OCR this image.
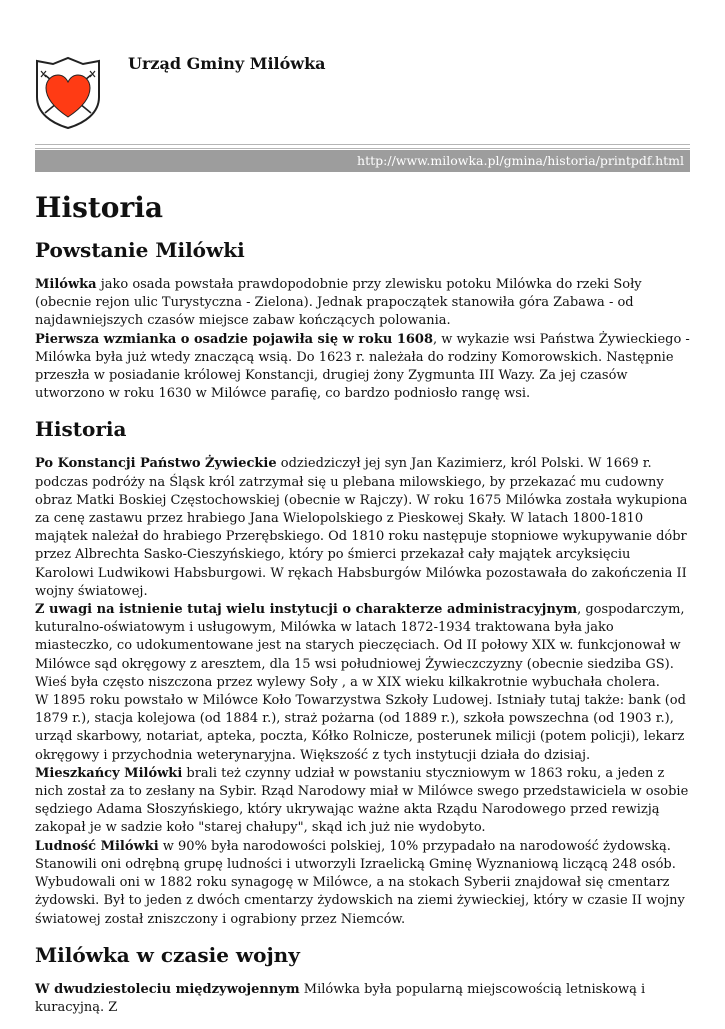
Urząd Gminy Milówka
http://www.milowka.pl/gmina/historia/printpdf.html
Historia
Powstanie Milówki

Milówka jako osada powstała prawdopodobnie przy zlewisku potoku Milówka do rzeki Soły (obecnie rejon ulic Turystyczna - Zielona). Jednak prapoczątek stanowiła góra Zabawa - od najdawniejszych czasów miejsce zabaw kończących polowania.

Pierwsza wzmianka o osadzie pojawiła się w roku 1608, w wykazie wsi Państwa Żywieckiego - Milówka była już wtedy znaczącą wsią. Do 1623 r. należała do rodziny Komorowskich. Następnie przeszła w posiadanie królowej Konstancji, drugiej żony Zygmunta III Wazy. Za jej czasów utworzono w roku 1630 w Milówce parafię, co bardzo podniosło rangę wsi.

Historia

Po Konstancji Państwo Żywieckie odziedziczył jej syn Jan Kazimierz, król Polski. W 1669 r. podczas podróży na Śląsk król zatrzymał się u plebana milowskiego, by przekazać mu cudowny obraz Matki Boskiej Częstochowskiej (obecnie w Rajczy). W roku 1675 Milówka została wykupiona za cenę zastawu przez hrabiego Jana Wielopolskiego z Pieskowej Skały. W latach 1800-1810 majątek należał do hrabiego Przerębskiego. Od 1810 roku następuje stopniowe wykupywanie dóbr przez Albrechta Sasko-Cieszyńskiego, który po śmierci przekazał cały majątek arcyksięciu Karolowi Ludwikowi Habsburgowi. W rękach Habsburgów Milówka pozostawała do zakończenia II wojny światowej.

Z uwagi na istnienie tutaj wielu instytucji o charakterze administracyjnym, gospodarczym, kuturalno-oświatowym i usługowym, Milówka w latach 1872-1934 traktowana była jako miasteczko, co udokumentowane jest na starych pieczęciach. Od II połowy XIX w. funkcjonował w Milówce sąd okręgowy z aresztem, dla 15 wsi południowej Żywieczczyzny (obecnie siedziba GS). Wieś była często niszczona przez wylewy Soły , a w XIX wieku kilkakrotnie wybuchała cholera.

W 1895 roku powstało w Milówce Koło Towarzystwa Szkoły Ludowej. Istniały tutaj także: bank (od 1879 r.), stacja kolejowa (od 1884 r.), straż pożarna (od 1889 r.), szkoła powszechna (od 1903 r.), urząd skarbowy, notariat, apteka, poczta, Kółko Rolnicze, posterunek milicji (potem policji), lekarz okręgowy i przychodnia weterynaryjna. Większość z tych instytucji działa do dzisiaj.

Mieszkańcy Milówki brali też czynny udział w powstaniu styczniowym w 1863 roku, a jeden z nich został za to zesłany na Sybir. Rząd Narodowy miał w Milówce swego przedstawiciela w osobie sędziego Adama Słoszyńskiego, który ukrywając ważne akta Rządu Narodowego przed rewizją zakopał je w sadzie koło "starej chałupy", skąd ich już nie wydobyto.

Ludność Milówki w 90% była narodowości polskiej, 10% przypadało na narodowość żydowską. Stanowili oni odrębną grupę ludności i utworzyli Izraelicką Gminę Wyznaniową liczącą 248 osób. Wybudowali oni w 1882 roku synagogę w Milówce, a na stokach Syberii znajdował się cmentarz żydowski. Był to jeden z dwóch cmentarzy żydowskich na ziemi żywieckiej, który w czasie II wojny światowej został zniszczony i ograbiony przez Niemców.

Milówka w czasie wojny

W dwudziestoleciu międzywojennym Milówka była popularną miejscowością letniskową i kuracyjną. Z
